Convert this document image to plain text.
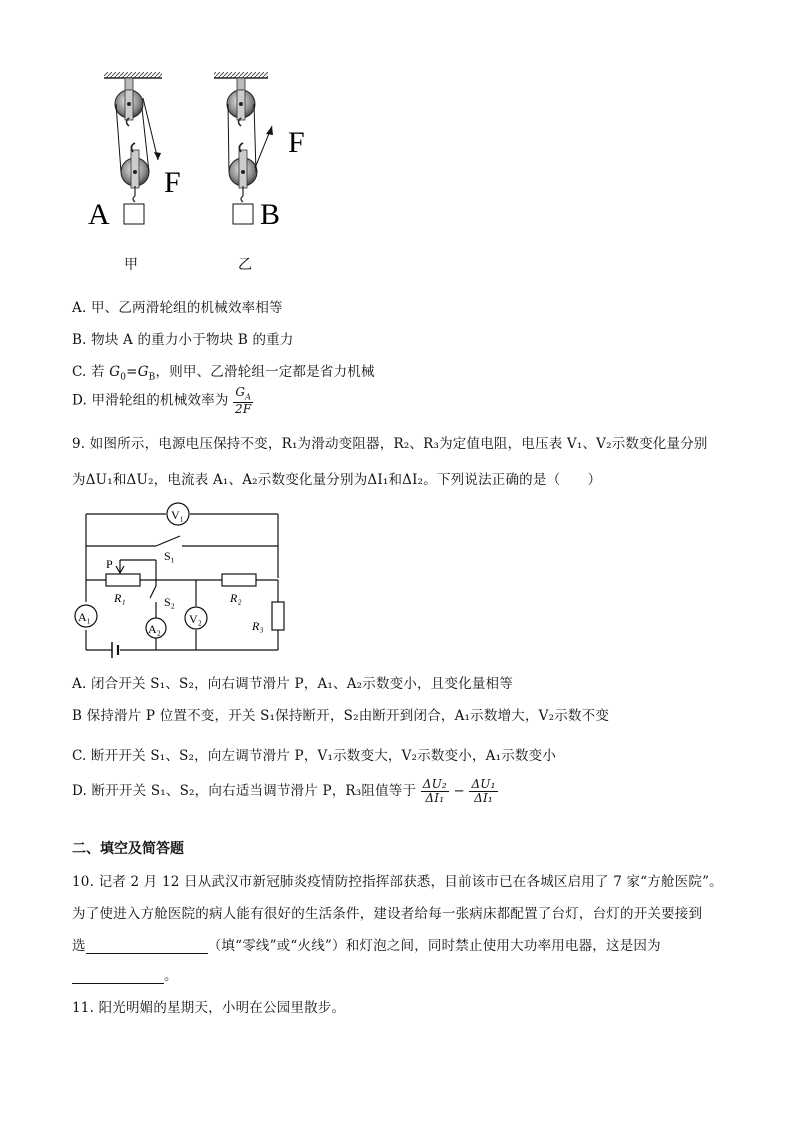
A
F
B
F
甲	乙
A. 甲、乙两滑轮组的机械效率相等
B. 物块 A 的重力小于物块 B 的重力
C. 若 $G_0=G_B$，则甲、乙滑轮组一定都是省力机械
D. 甲滑轮组的机械效率为 $\frac{G_A}{2F}$
9. 如图所示，电源电压保持不变，R₁为滑动变阻器，R₂、R₃为定值电阻，电压表 V₁、V₂示数变化量分别
为ΔU₁和ΔU₂，电流表 A₁、A₂示数变化量分别为ΔI₁和ΔI₂。下列说法正确的是（　　）
V₁
S₁
P
R₁	S₂	R₂
V₂
A₁
A₂	R₃
A. 闭合开关 S₁、S₂，向右调节滑片 P，A₁、A₂示数变小，且变化量相等
B 保持滑片 P 位置不变，开关 S₁保持断开，S₂由断开到闭合，A₁示数增大，V₂示数不变
C. 断开开关 S₁、S₂，向左调节滑片 P，V₁示数变大，V₂示数变小，A₁示数变小
D. 断开开关 S₁、S₂，向右适当调节滑片 P，R₃阻值等于 $\frac{\text{ΔU₂}}{\text{ΔI₁}} - \frac{\text{ΔU₁}}{\text{ΔI₁}}$
二、填空及简答题
10. 记者 2 月 12 日从武汉市新冠肺炎疫情防控指挥部获悉，目前该市已在各城区启用了 7 家“方舱医院”。
为了使进入方舱医院的病人能有很好的生活条件，建设者给每一张病床都配置了台灯，台灯的开关要接到
选	（填“零线”或“火线”）和灯泡之间，同时禁止使用大功率用电器，这是因为
。
11. 阳光明媚的星期天，小明在公园里散步。
